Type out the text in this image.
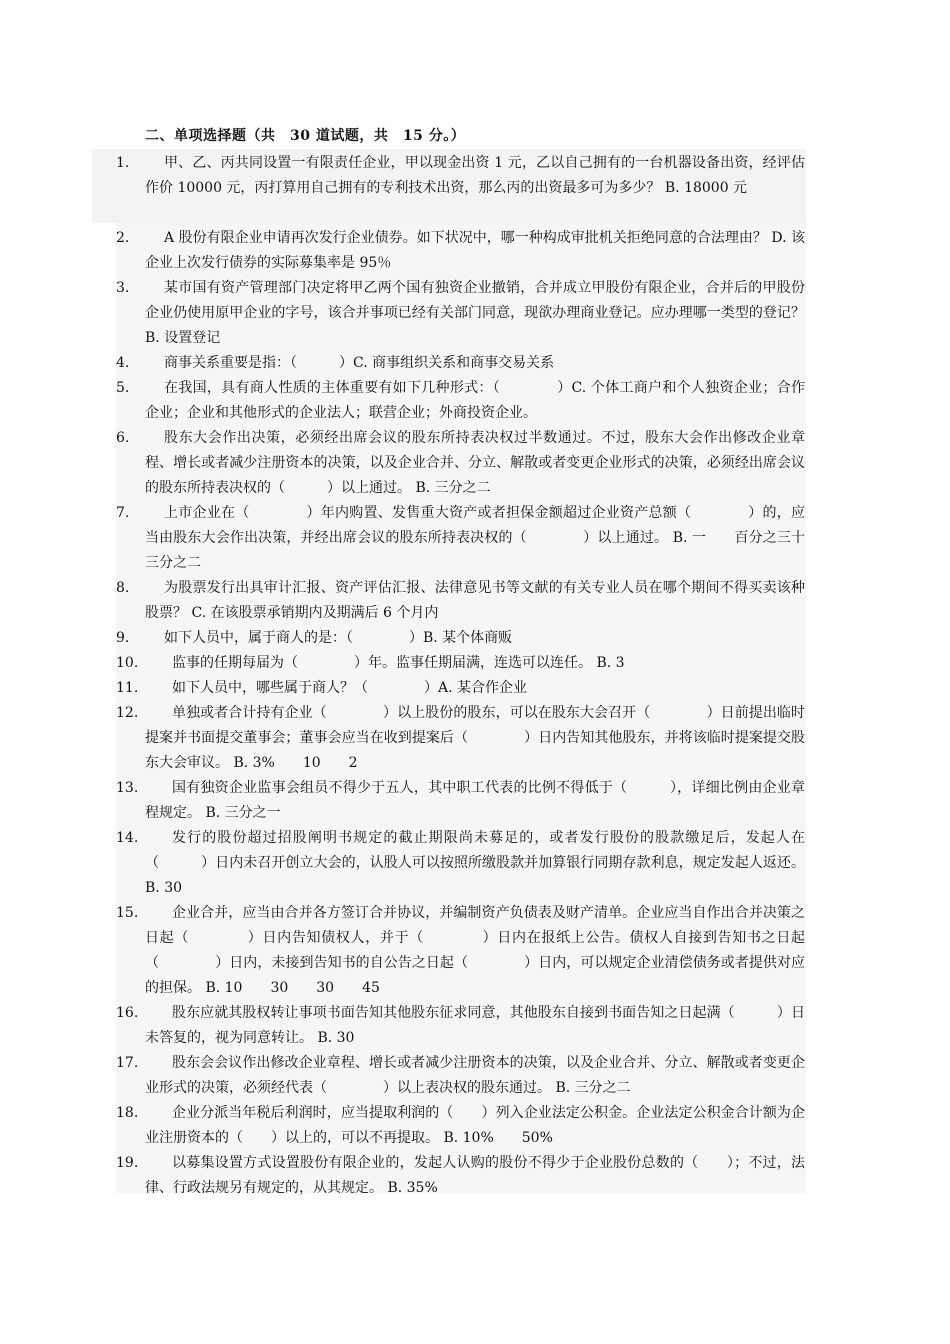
二、单项选择题（共　30 道试题，共　15 分。）
1.	甲、乙、丙共同设置一有限责任企业，甲以现金出资 1 元，乙以自己拥有的一台机器设备出资，经评估作价 10000 元，丙打算用自己拥有的专利技术出资，那么丙的出资最多可为多少？ B. 18000 元
2.	A 股份有限企业申请再次发行企业债券。如下状况中，哪一种构成审批机关拒绝同意的合法理由？ D. 该企业上次发行债券的实际募集率是 95％
3.	某市国有资产管理部门决定将甲乙两个国有独资企业撤销，合并成立甲股份有限企业，合并后的甲股份企业仍使用原甲企业的字号，该合并事项已经有关部门同意，现欲办理商业登记。应办理哪一类型的登记？ B. 设置登记
4.	商事关系重要是指：（　　　）C. 商事组织关系和商事交易关系
5.	在我国，具有商人性质的主体重要有如下几种形式：（　　　　）C. 个体工商户和个人独资企业；合作企业；企业和其他形式的企业法人；联营企业；外商投资企业。
6.	股东大会作出决策，必须经出席会议的股东所持表决权过半数通过。不过，股东大会作出修改企业章程、增长或者减少注册资本的决策，以及企业合并、分立、解散或者变更企业形式的决策，必须经出席会议的股东所持表决权的（　　　）以上通过。 B. 三分之二
7.	上市企业在（　　　　）年内购置、发售重大资产或者担保金额超过企业资产总额（　　　　）的，应当由股东大会作出决策，并经出席会议的股东所持表决权的（　　　　）以上通过。 B. 一　　百分之三十　　三分之二
8.	为股票发行出具审计汇报、资产评估汇报、法律意见书等文献的有关专业人员在哪个期间不得买卖该种股票？ C. 在该股票承销期内及期满后 6 个月内
9.	如下人员中，属于商人的是：（　　　　）B. 某个体商贩
10.	监事的任期每届为（　　　　）年。监事任期届满，连选可以连任。 B. 3
11.	如下人员中，哪些属于商人？（　　　　）A. 某合作企业
12.	单独或者合计持有企业（　　　　）以上股份的股东，可以在股东大会召开（　　　　）日前提出临时提案并书面提交董事会；董事会应当在收到提案后（　　　　）日内告知其他股东，并将该临时提案提交股东大会审议。 B. 3%　　10　　2
13.	国有独资企业监事会组员不得少于五人，其中职工代表的比例不得低于（　　　），详细比例由企业章程规定。 B. 三分之一
14.	发行的股份超过招股阐明书规定的截止期限尚未募足的，或者发行股份的股款缴足后，发起人在（　　　）日内未召开创立大会的，认股人可以按照所缴股款并加算银行同期存款利息，规定发起人返还。 B. 30
15.	企业合并，应当由合并各方签订合并协议，并编制资产负债表及财产清单。企业应当自作出合并决策之日起（　　　　）日内告知债权人，并于（　　　　）日内在报纸上公告。债权人自接到告知书之日起（　　　　）日内，未接到告知书的自公告之日起（　　　　）日内，可以规定企业清偿债务或者提供对应的担保。 B. 10　　30　　30　　45
16.	股东应就其股权转让事项书面告知其他股东征求同意，其他股东自接到书面告知之日起满（　　　）日未答复的，视为同意转让。 B. 30
17.	股东会会议作出修改企业章程、增长或者减少注册资本的决策，以及企业合并、分立、解散或者变更企业形式的决策，必须经代表（　　　　）以上表决权的股东通过。 B. 三分之二
18.	企业分派当年税后利润时，应当提取利润的（　　）列入企业法定公积金。企业法定公积金合计额为企业注册资本的（　　）以上的，可以不再提取。 B. 10%　　50%
19.	以募集设置方式设置股份有限企业的，发起人认购的股份不得少于企业股份总数的（　　）；不过，法律、行政法规另有规定的，从其规定。 B. 35%
